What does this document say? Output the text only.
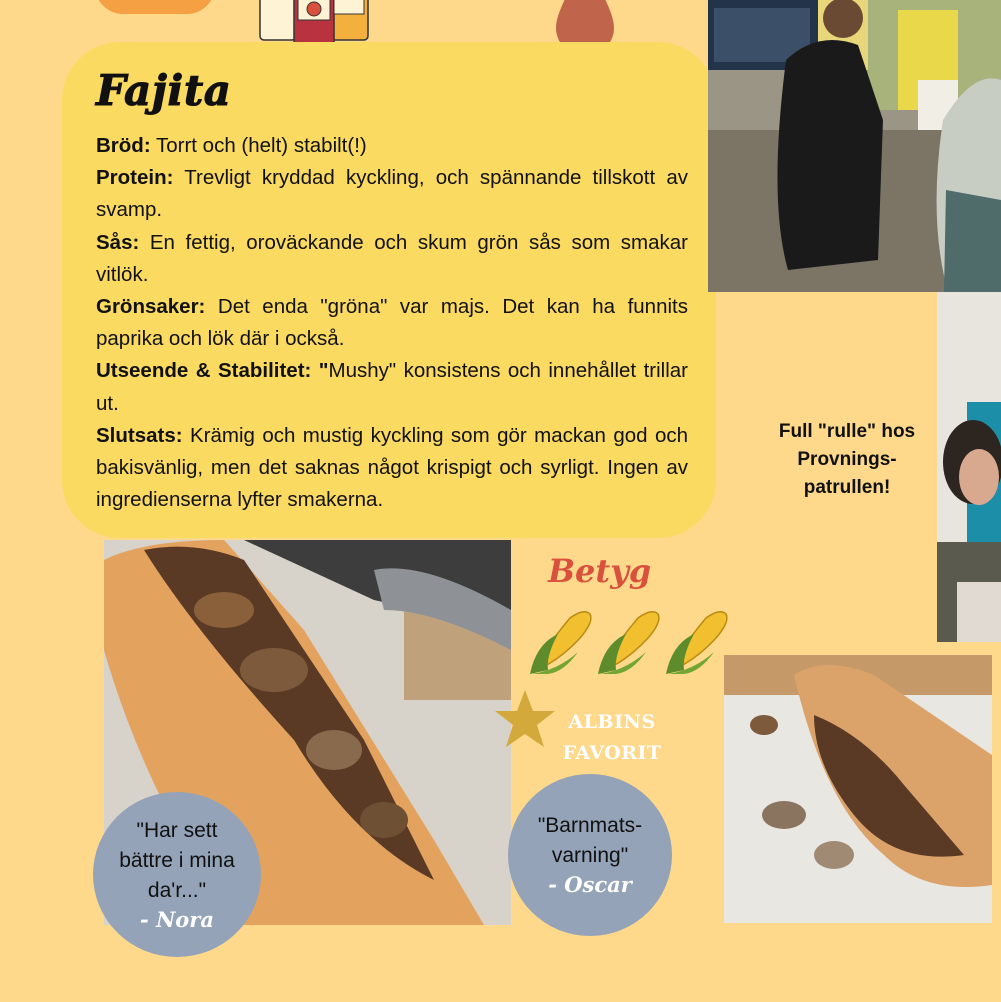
Fajita

Bröd: Torrt och (helt) stabilt(!)

Protein: Trevligt kryddad kyckling, och spännande tillskott av svamp.

Sås: En fettig, oroväckande och skum grön sås som smakar vitlök.

Grönsaker: Det enda "gröna" var majs. Det kan ha funnits paprika och lök där i också.

Utseende & Stabilitet: "Mushy" konsistens och innehållet trillar ut.

Slutsats: Krämig och mustig kyckling som gör mackan god och bakisvänlig, men det saknas något krispigt och syrligt. Ingen av ingredienserna lyfter smakerna.

Full "rulle" hos Provnings-patrullen!
Betyg
ALBINS
FAVORIT
"Har sett bättre i mina da'r..."
- Nora
"Barnmats-varning"
- Oscar
